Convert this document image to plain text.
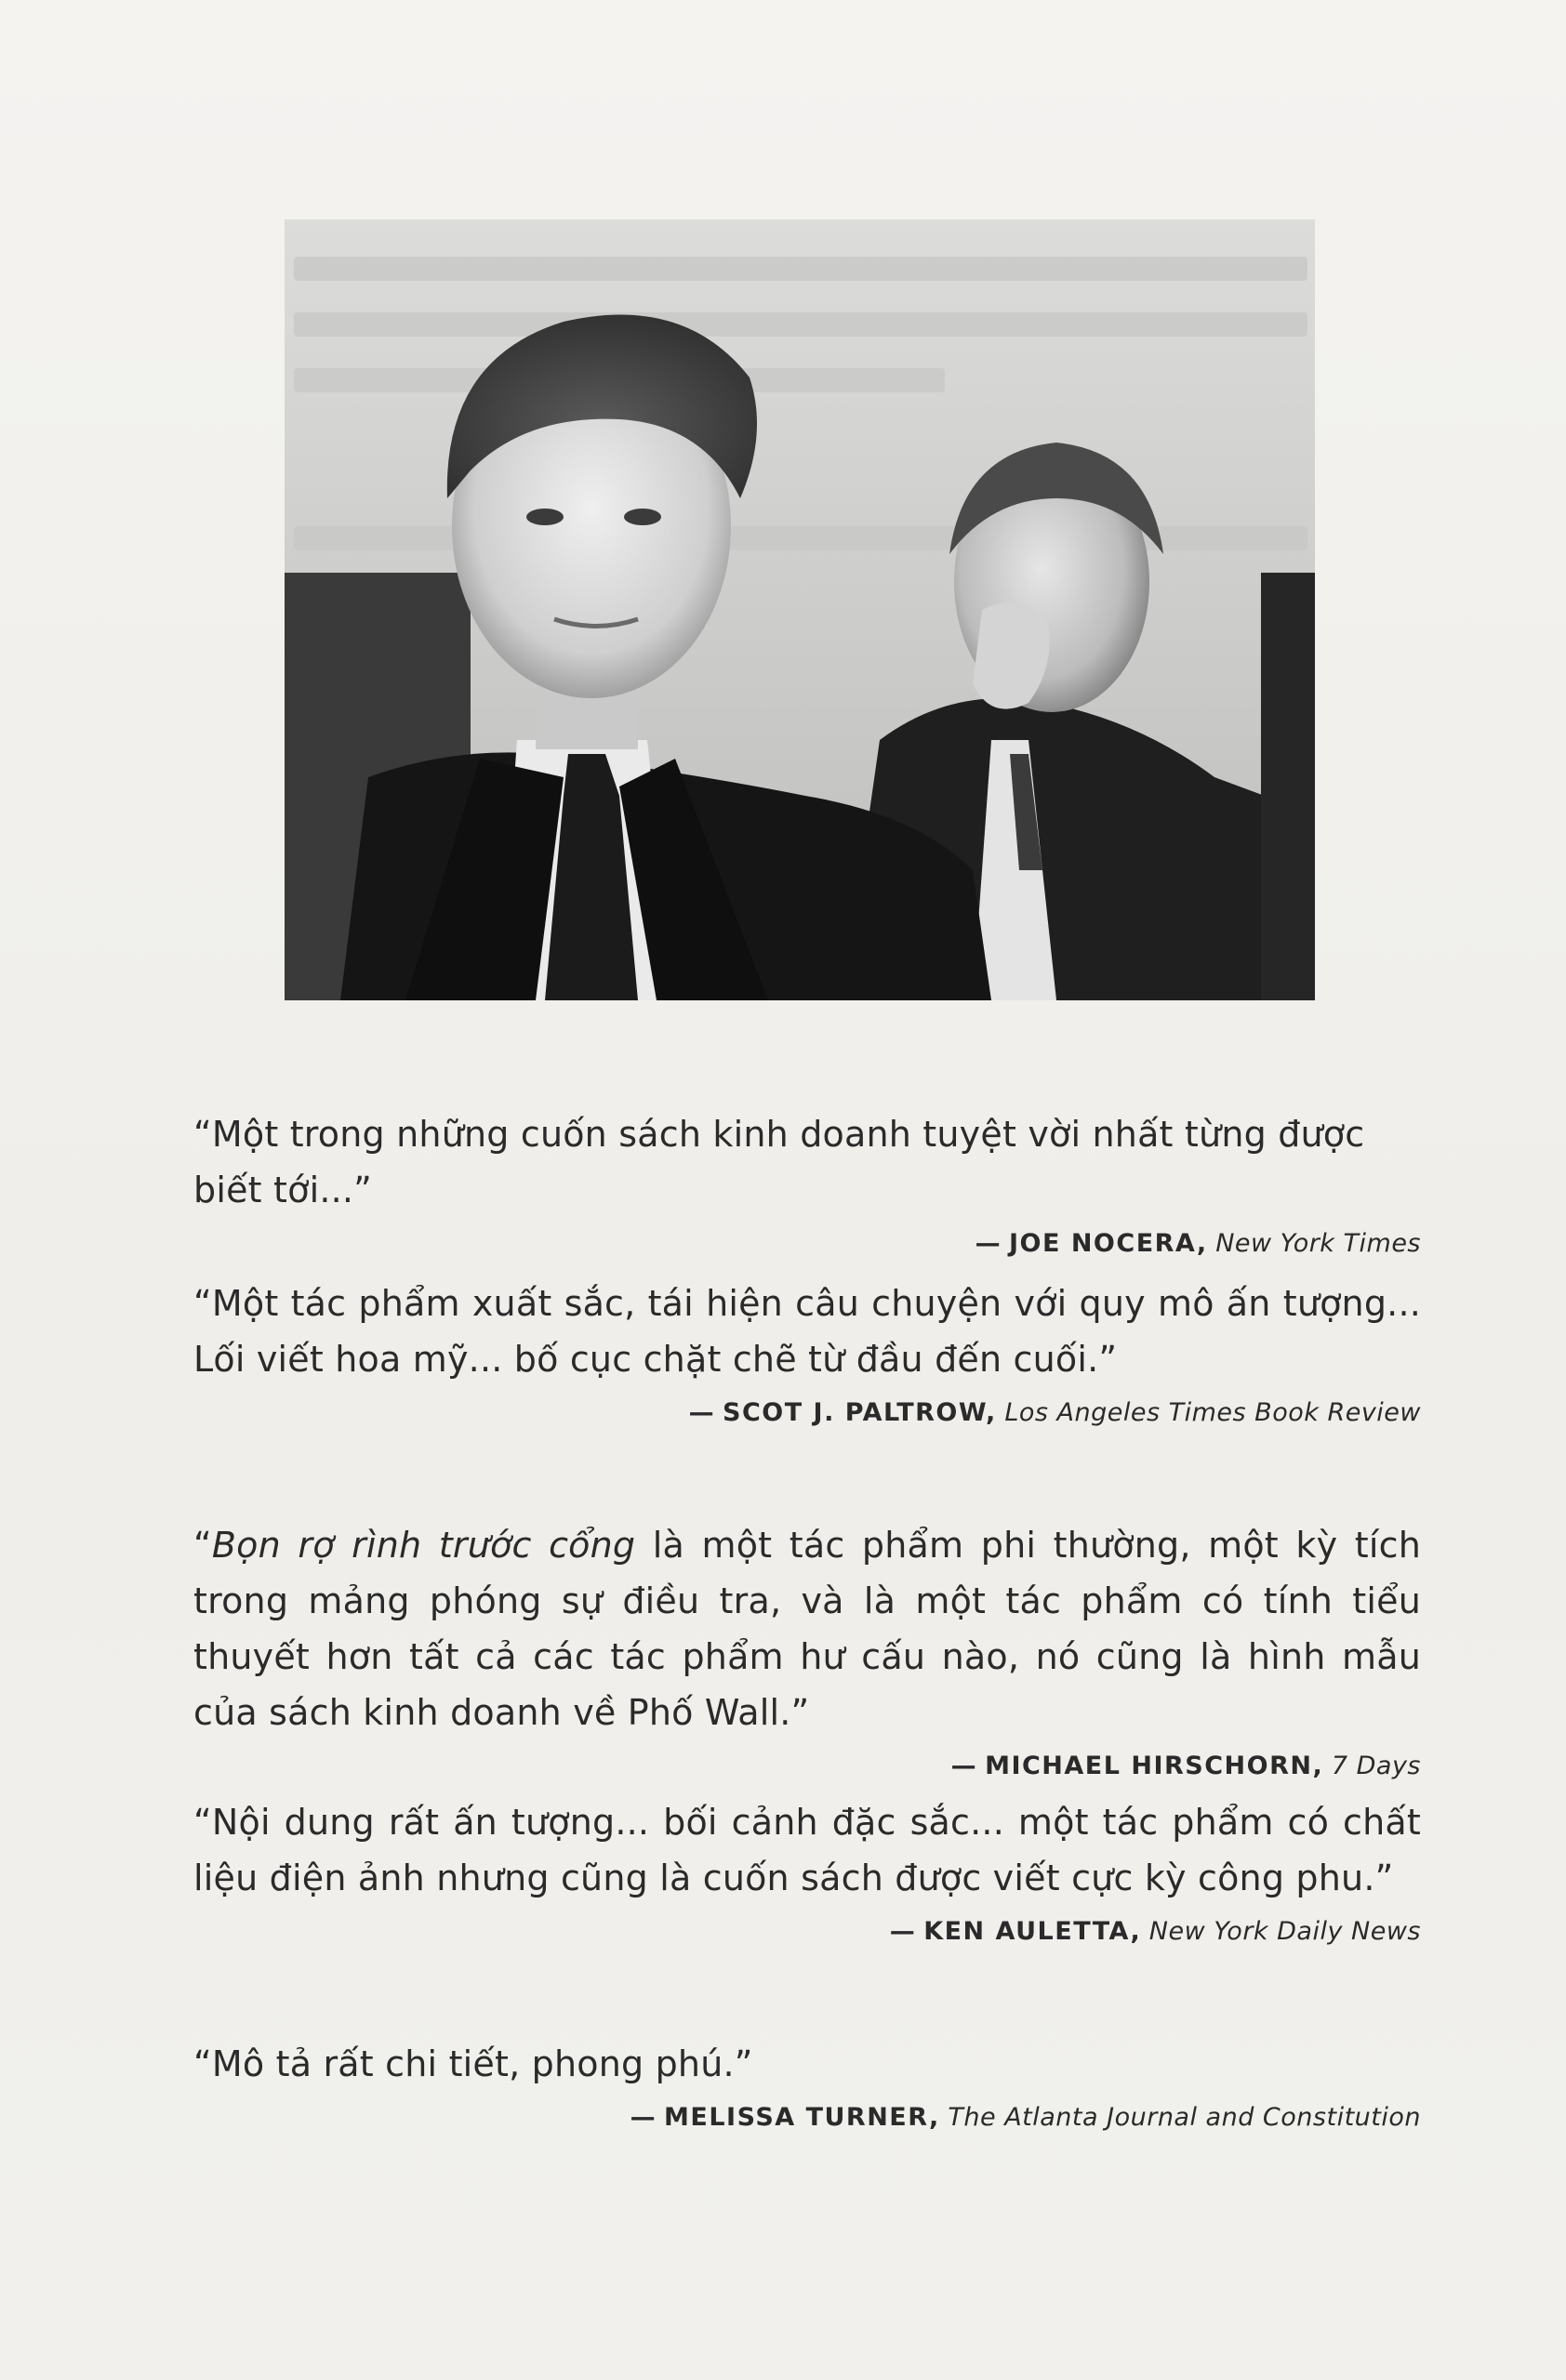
“Một trong những cuốn sách kinh doanh tuyệt vời nhất từng được biết tới...”

— JOE NOCERA, New York Times

“Một tác phẩm xuất sắc, tái hiện câu chuyện với quy mô ấn tượng... Lối viết hoa mỹ... bố cục chặt chẽ từ đầu đến cuối.”

— SCOT J. PALTROW, Los Angeles Times Book Review

“Bọn rợ rình trước cổng là một tác phẩm phi thường, một kỳ tích trong mảng phóng sự điều tra, và là một tác phẩm có tính tiểu thuyết hơn tất cả các tác phẩm hư cấu nào, nó cũng là hình mẫu của sách kinh doanh về Phố Wall.”

— MICHAEL HIRSCHORN, 7 Days

“Nội dung rất ấn tượng... bối cảnh đặc sắc... một tác phẩm có chất liệu điện ảnh nhưng cũng là cuốn sách được viết cực kỳ công phu.”

— KEN AULETTA, New York Daily News

“Mô tả rất chi tiết, phong phú.”

— MELISSA TURNER, The Atlanta Journal and Constitution
